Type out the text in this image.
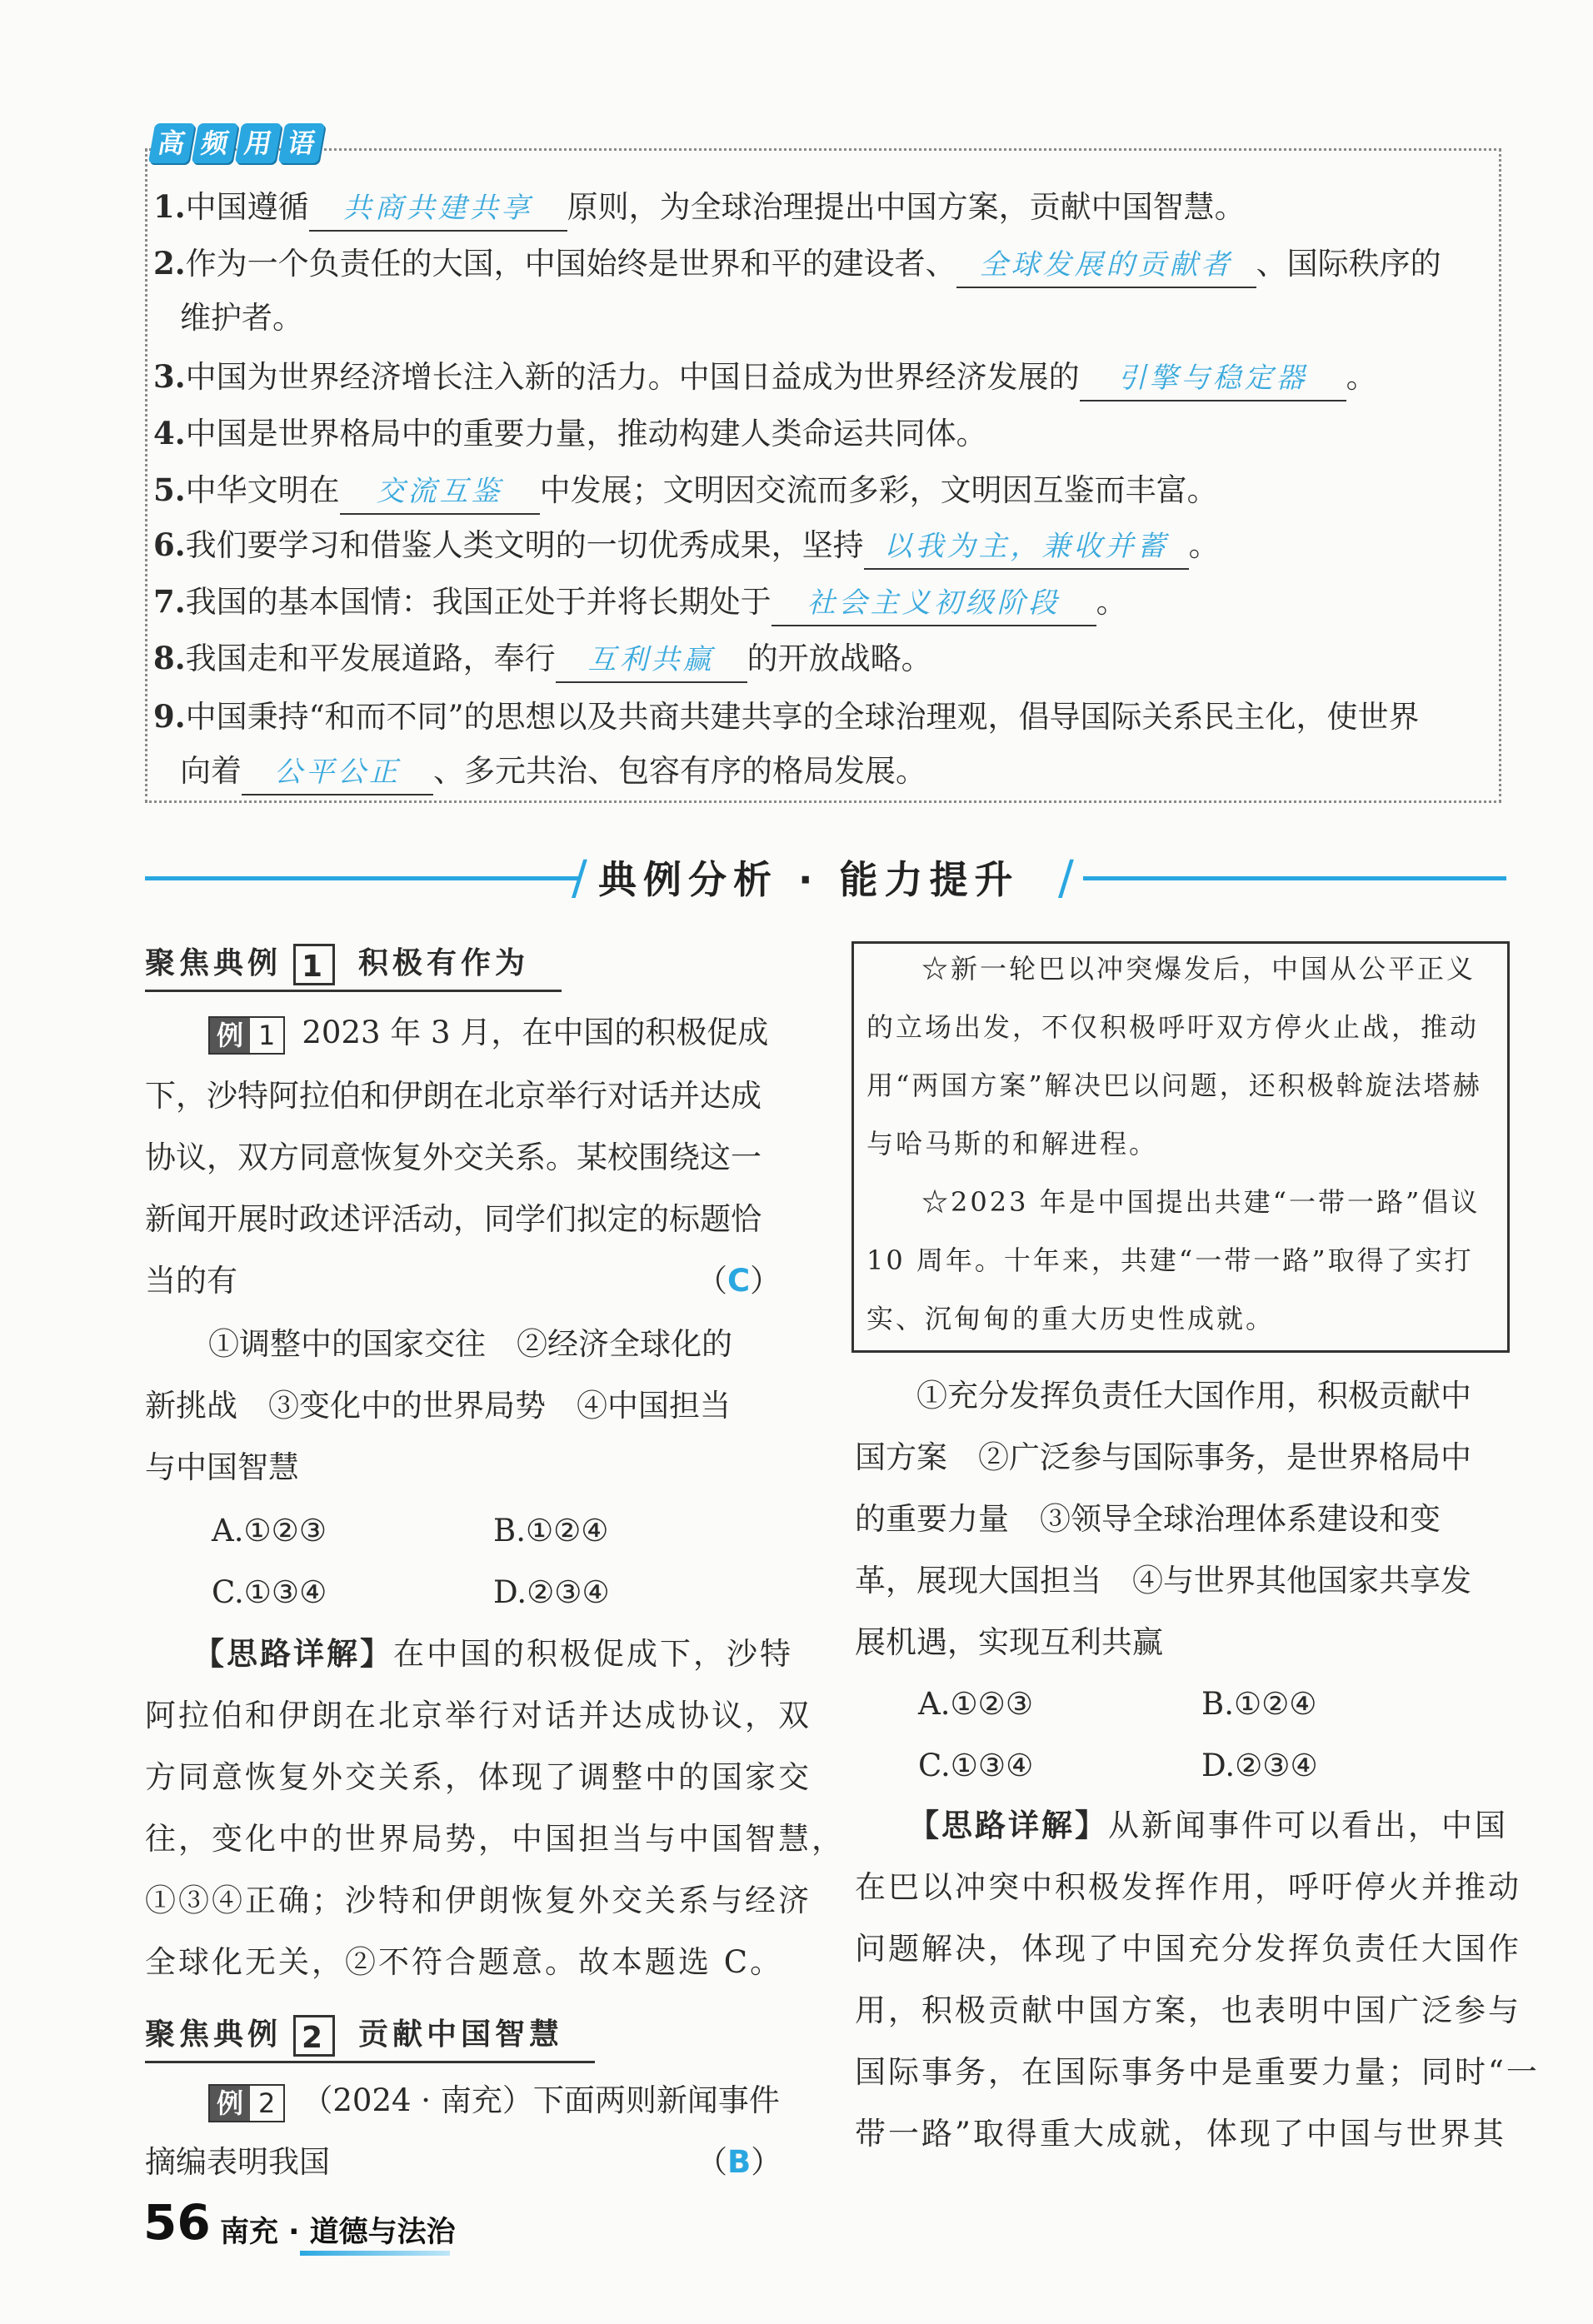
高 频 用 语
1.中国遵循 共商共建共享 原则，为全球治理提出中国方案，贡献中国智慧。
2.作为一个负责任的大国，中国始终是世界和平的建设者、 全球发展的贡献者 、国际秩序的
维护者。
3.中国为世界经济增长注入新的活力。中国日益成为世界经济发展的 引擎与稳定器 。
4.中国是世界格局中的重要力量，推动构建人类命运共同体。
5.中华文明在 交流互鉴 中发展；文明因交流而多彩，文明因互鉴而丰富。
6.我们要学习和借鉴人类文明的一切优秀成果，坚持 以我为主，兼收并蓄 。
7.我国的基本国情：我国正处于并将长期处于 社会主义初级阶段 。
8.我国走和平发展道路，奉行 互利共赢 的开放战略。
9.中国秉持“和而不同”的思想以及共商共建共享的全球治理观，倡导国际关系民主化，使世界
向着 公平公正 、多元共治、包容有序的格局发展。
/	/
典例分析 · 能力提升
聚焦典例 1 积极有作为
例 1 2023 年 3 月，在中国的积极促成
下，沙特阿拉伯和伊朗在北京举行对话并达成
协议，双方同意恢复外交关系。某校围绕这一
新闻开展时政述评活动，同学们拟定的标题恰
当的有	（C）
①调整中的国家交往　②经济全球化的
新挑战　③变化中的世界局势　④中国担当
与中国智慧
A.①②③	B.①②④
C.①③④	D.②③④
【思路详解】在中国的积极促成下，沙特
阿拉伯和伊朗在北京举行对话并达成协议，双
方同意恢复外交关系，体现了调整中的国家交
往，变化中的世界局势，中国担当与中国智慧，
①③④正确；沙特和伊朗恢复外交关系与经济
全球化无关，②不符合题意。故本题选 C。
聚焦典例 2 贡献中国智慧
例 2 （2024 · 南充）下面两则新闻事件
摘编表明我国	（B）
☆新一轮巴以冲突爆发后，中国从公平正义
的立场出发，不仅积极呼吁双方停火止战，推动
用“两国方案”解决巴以问题，还积极斡旋法塔赫
与哈马斯的和解进程。
☆2023 年是中国提出共建“一带一路”倡议
10 周年。十年来，共建“一带一路”取得了实打
实、沉甸甸的重大历史性成就。
①充分发挥负责任大国作用，积极贡献中
国方案　②广泛参与国际事务，是世界格局中
的重要力量　③领导全球治理体系建设和变
革，展现大国担当　④与世界其他国家共享发
展机遇，实现互利共赢
A.①②③	B.①②④
C.①③④	D.②③④
【思路详解】从新闻事件可以看出，中国
在巴以冲突中积极发挥作用，呼吁停火并推动
问题解决，体现了中国充分发挥负责任大国作
用，积极贡献中国方案，也表明中国广泛参与
国际事务，在国际事务中是重要力量；同时“一
带一路”取得重大成就，体现了中国与世界其
56 南充 · 道德与法治
